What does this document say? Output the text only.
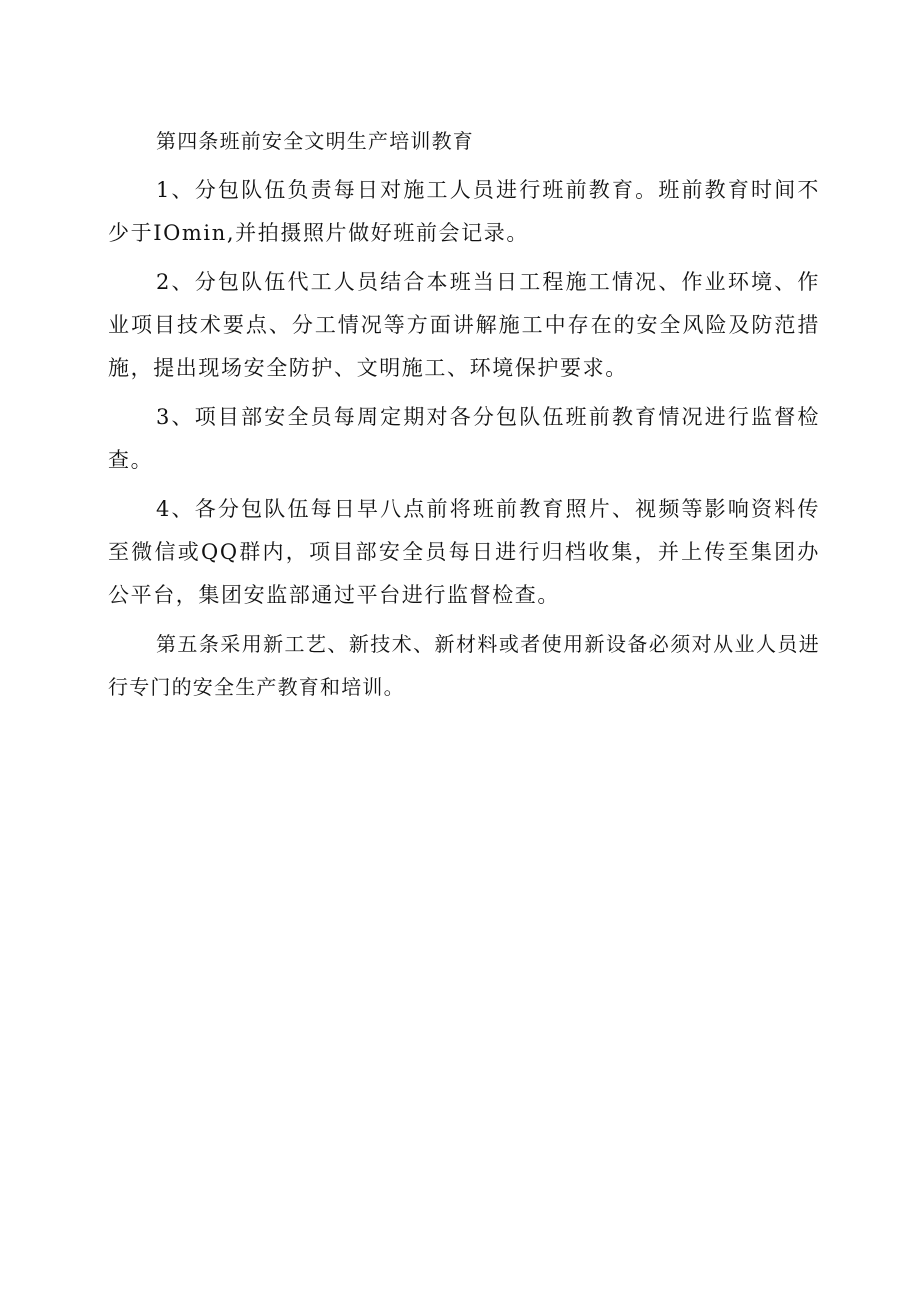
第四条班前安全文明生产培训教育

1、分包队伍负责每日对施工人员进行班前教育。班前教育时间不少于IOmin,并拍摄照片做好班前会记录。

2、分包队伍代工人员结合本班当日工程施工情况、作业环境、作业项目技术要点、分工情况等方面讲解施工中存在的安全风险及防范措施，提出现场安全防护、文明施工、环境保护要求。

3、项目部安全员每周定期对各分包队伍班前教育情况进行监督检查。

4、各分包队伍每日早八点前将班前教育照片、视频等影响资料传至微信或QQ群内，项目部安全员每日进行归档收集，并上传至集团办公平台，集团安监部通过平台进行监督检查。

第五条采用新工艺、新技术、新材料或者使用新设备必须对从业人员进行专门的安全生产教育和培训。
